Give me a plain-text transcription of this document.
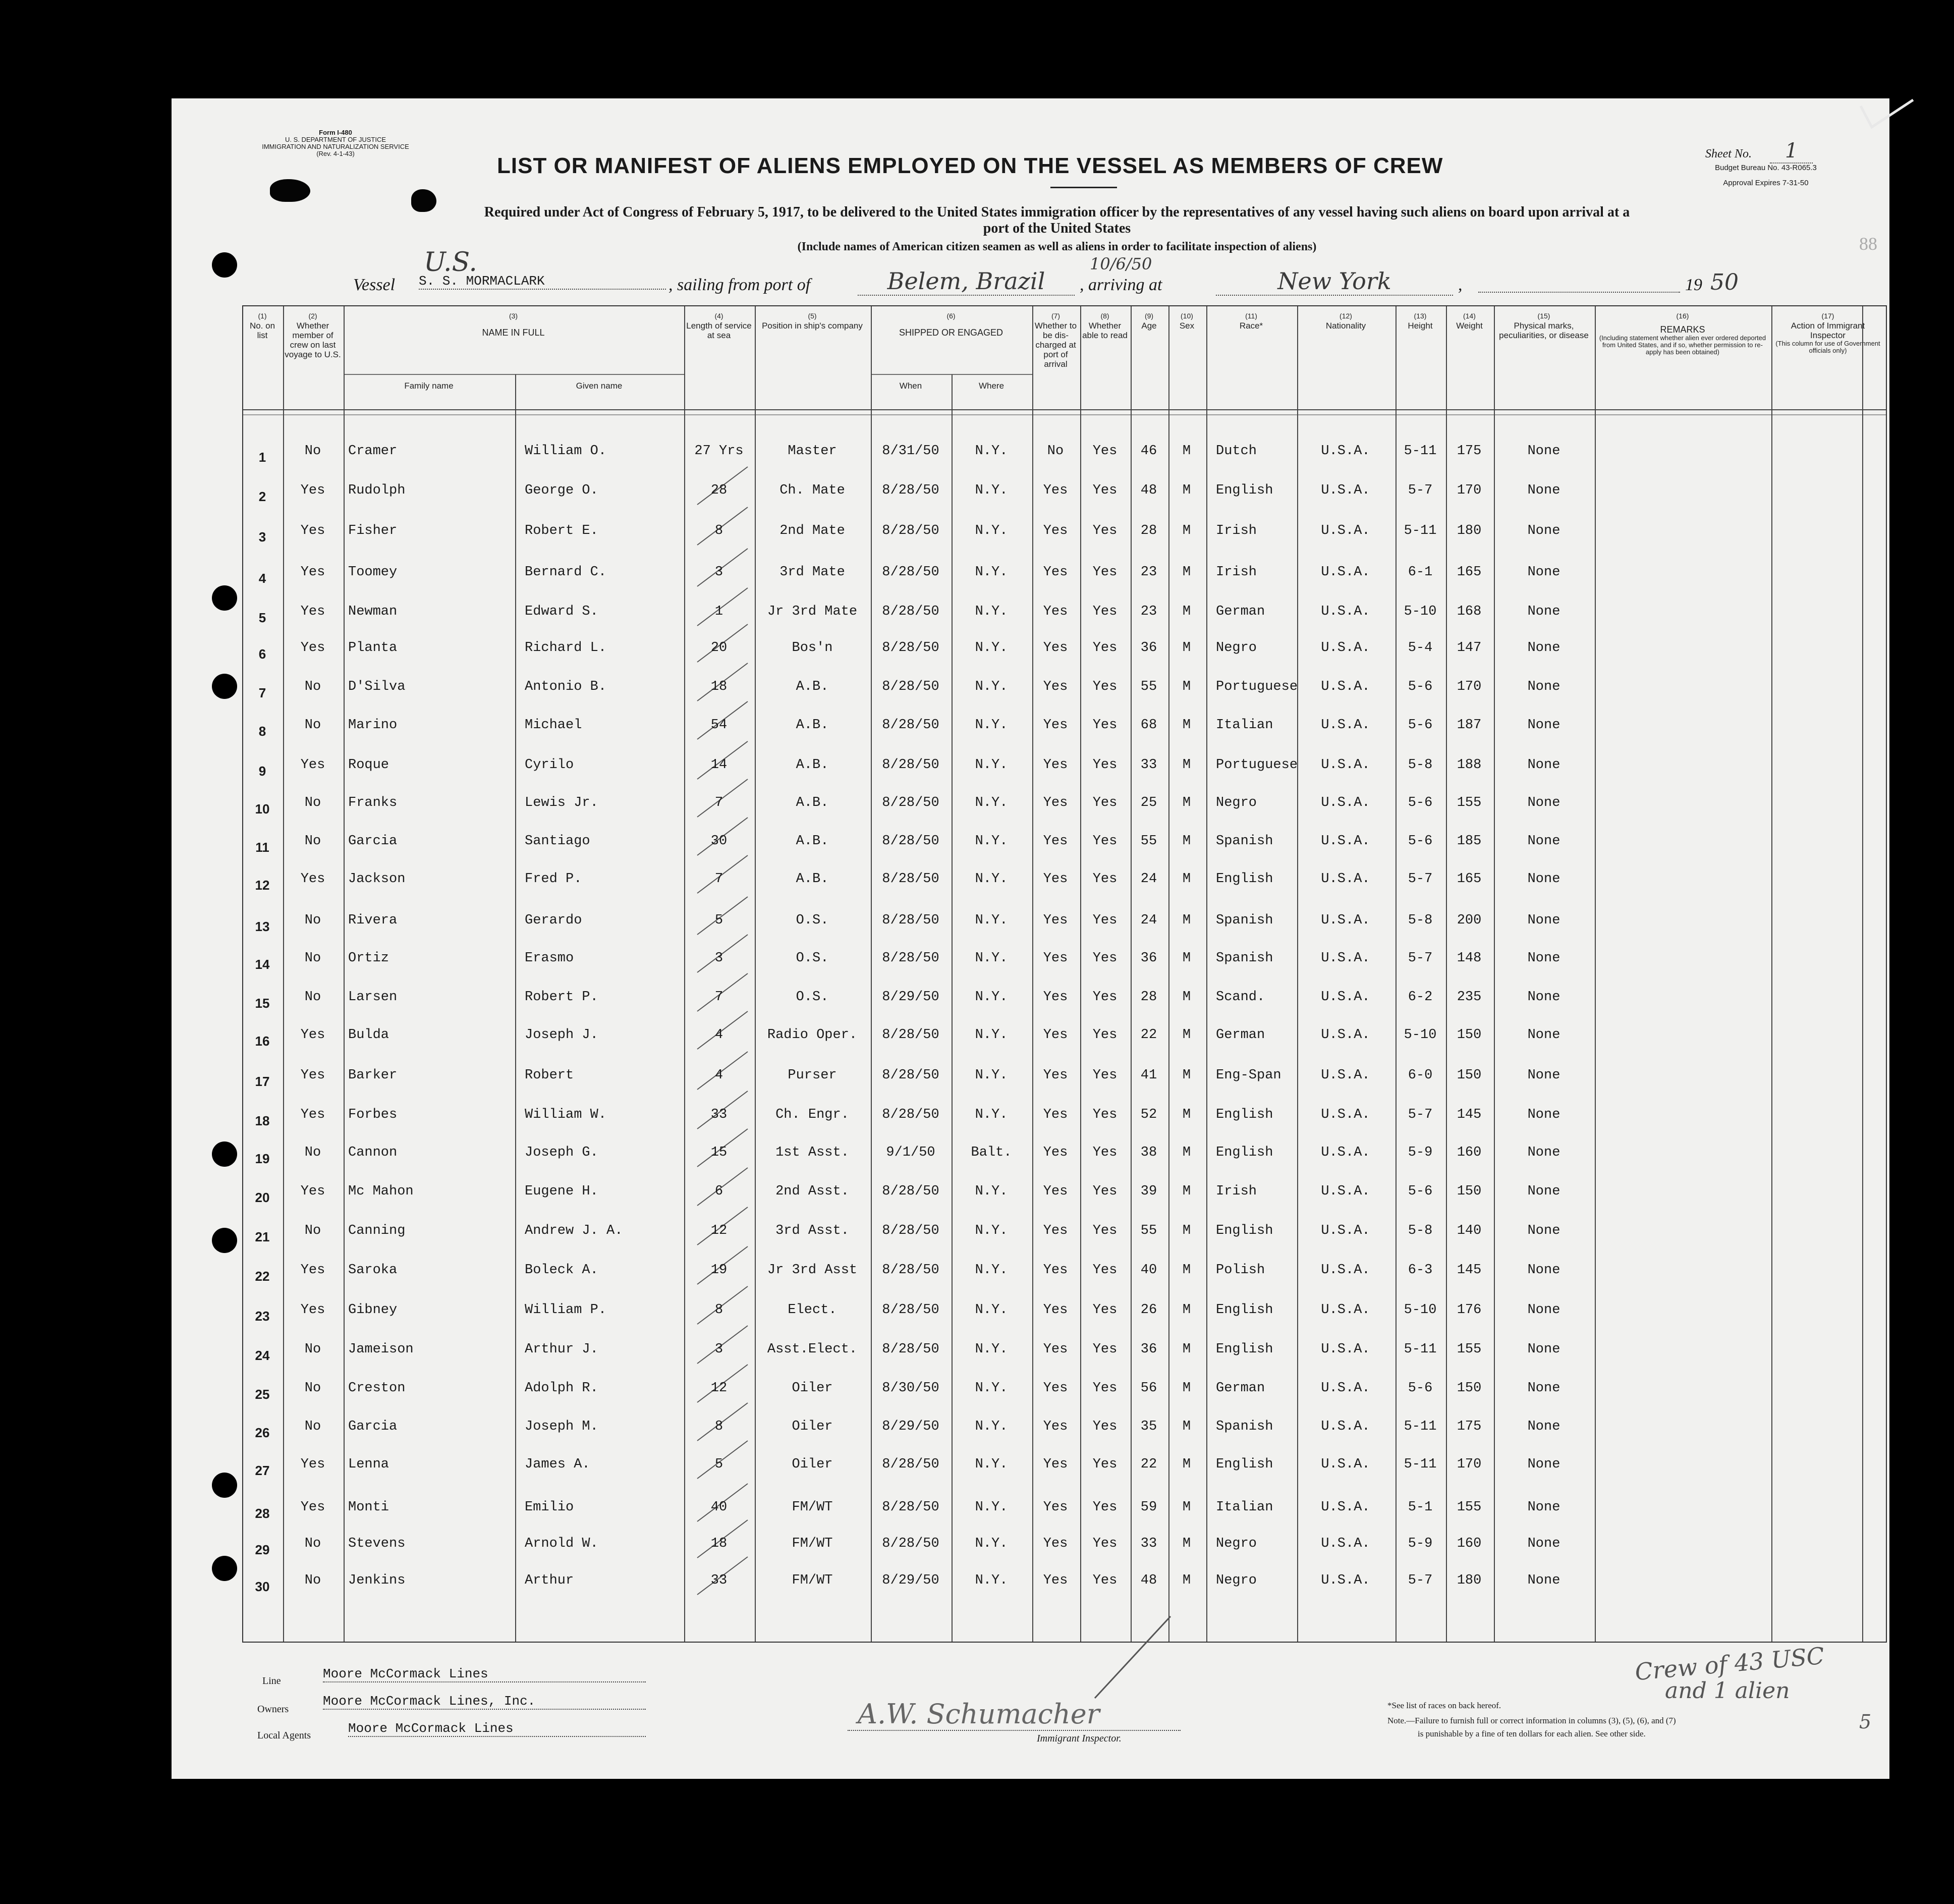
Form I-480
U. S. DEPARTMENT OF JUSTICE
IMMIGRATION AND NATURALIZATION SERVICE
(Rev. 4-1-43)	Sheet No. 1
Budget Bureau No. 43-R065.3
Approval Expires 7-31-50
88
LIST OR MANIFEST OF ALIENS EMPLOYED ON THE VESSEL AS MEMBERS OF CREW
Required under Act of Congress of February 5, 1917, to be delivered to the United States immigration officer by the representatives of any vessel having such aliens on board upon arrival at a
port of the United States
(Include names of American citizen seamen as well as aliens in order to facilitate inspection of aliens)
Vessel
U.S.
S. S. MORMACLARK	, sailing from port of	Belem, Brazil
10/6/50
, arriving at	New York	,	19 50
(1)
No. on list
(2)
Whether member of crew on last voyage to U.S.
(3)
NAME IN FULL
(4)
Length of service at sea
(5)
Position in ship's company
(6)
SHIPPED OR ENGAGED
(7)
Whether to be dis-charged at port of arrival
(8)
Whether able to read
(9)
Age
(10)
Sex
(11)
Race*
(12)
Nationality
(13)
Height
(14)
Weight
(15)
Physical marks, peculiarities, or disease
(16)
REMARKS
(Including statement whether alien ever ordered deported from United States, and if so, whether permission to re-apply has been obtained)
(17)
Action of Immigrant Inspector
(This column for use of Government officials only)
Family name	Given name	When	Where
1	No Cramer	William O.	27 Yrs	Master	8/31/50	N.Y.	No Yes 46 M Dutch	U.S.A. 5-11 175	None
2	Yes Rudolph	George O.	28	Ch. Mate	8/28/50	N.Y.	Yes Yes 48 M English	U.S.A.	5-7 170	None
3	Yes Fisher	Robert E.	8	2nd Mate	8/28/50	N.Y.	Yes Yes 28 M Irish	U.S.A. 5-11 180	None
4	Yes Toomey	Bernard C.	3	3rd Mate	8/28/50	N.Y.	Yes Yes 23 M Irish	U.S.A.	6-1 165	None
5	Yes Newman	Edward S.	1	Jr 3rd Mate 8/28/50	N.Y.	Yes Yes 23 M German	U.S.A. 5-10 168	None
6	Yes Planta	Richard L.	20	Bos'n	8/28/50	N.Y.	Yes Yes 36 M Negro	U.S.A.	5-4 147	None
7	No D'Silva	Antonio B.	18	A.B.	8/28/50	N.Y.	Yes Yes 55 M Portuguese U.S.A.	5-6 170	None
8	No Marino	Michael	54	A.B.	8/28/50	N.Y.	Yes Yes 68 M Italian	U.S.A.	5-6 187	None
9	Yes Roque	Cyrilo	14	A.B.	8/28/50	N.Y.	Yes Yes 33 M Portuguese U.S.A.	5-8 188	None
10	No Franks	Lewis Jr.	7	A.B.	8/28/50	N.Y.	Yes Yes 25 M Negro	U.S.A.	5-6 155	None
11	No Garcia	Santiago	30	A.B.	8/28/50	N.Y.	Yes Yes 55 M Spanish	U.S.A.	5-6 185	None
12 Yes Jackson	Fred P.	7	A.B.	8/28/50	N.Y.	Yes Yes 24 M English	U.S.A.	5-7 165	None
13	No Rivera	Gerardo	5	O.S.	8/28/50	N.Y.	Yes Yes 24 M Spanish	U.S.A.	5-8 200	None
14	No Ortiz	Erasmo	3	O.S.	8/28/50	N.Y.	Yes Yes 36 M Spanish	U.S.A.	5-7 148	None
15	No Larsen	Robert P.	7	O.S.	8/29/50	N.Y.	Yes Yes 28 M Scand.	U.S.A.	6-2 235	None
16 Yes Bulda	Joseph J.	4	Radio Oper. 8/28/50	N.Y.	Yes Yes 22 M German	U.S.A. 5-10 150	None
17 Yes Barker	Robert	4	Purser	8/28/50	N.Y.	Yes Yes 41 M Eng-Span	U.S.A.	6-0 150	None
18 Yes Forbes	William W.	33	Ch. Engr. 8/28/50	N.Y.	Yes Yes 52 M English	U.S.A.	5-7 145	None
19	No Cannon	Joseph G.	15	1st Asst.	9/1/50	Balt. Yes Yes 38 M English	U.S.A.	5-9 160	None
20 Yes Mc Mahon	Eugene H.	6	2nd Asst. 8/28/50	N.Y.	Yes Yes 39 M Irish	U.S.A.	5-6 150	None
21	No Canning	Andrew J. A.	12	3rd Asst. 8/28/50	N.Y.	Yes Yes 55 M English	U.S.A.	5-8 140	None
22 Yes Saroka	Boleck A.	19	Jr 3rd Asst 8/28/50	N.Y.	Yes Yes 40 M Polish	U.S.A.	6-3 145	None
23 Yes Gibney	William P.	8	Elect.	8/28/50	N.Y.	Yes Yes 26 M English	U.S.A. 5-10 176	None
24	No Jameison	Arthur J.	3	Asst.Elect. 8/28/50	N.Y.	Yes Yes 36 M English	U.S.A. 5-11 155	None
25	No Creston	Adolph R.	12	Oiler	8/30/50	N.Y.	Yes Yes 56 M German	U.S.A.	5-6 150	None
26	No Garcia	Joseph M.	8	Oiler	8/29/50	N.Y.	Yes Yes 35 M Spanish	U.S.A. 5-11 175	None
27 Yes Lenna	James A.	5	Oiler	8/28/50	N.Y.	Yes Yes 22 M English	U.S.A. 5-11 170	None
28 Yes Monti	Emilio	40	FM/WT	8/28/50	N.Y.	Yes Yes 59 M Italian	U.S.A.	5-1 155	None
29	No Stevens	Arnold W.	18	FM/WT	8/28/50	N.Y.	Yes Yes 33 M Negro	U.S.A.	5-9 160	None
30	No Jenkins	Arthur	33	FM/WT	8/29/50	N.Y.	Yes Yes 48 M Negro	U.S.A.	5-7 180	None
Line	Moore McCormack Lines
Owners
Moore McCormack Lines, Inc.
Local Agents	Moore McCormack Lines	A.W. Schumacher
Immigrant Inspector.
*See list of races on back hereof.
Note.—Failure to furnish full or correct information in columns (3), (5), (6), and (7)
is punishable by a fine of ten dollars for each alien. See other side.
Crew of 43 USC
and 1 alien
5
